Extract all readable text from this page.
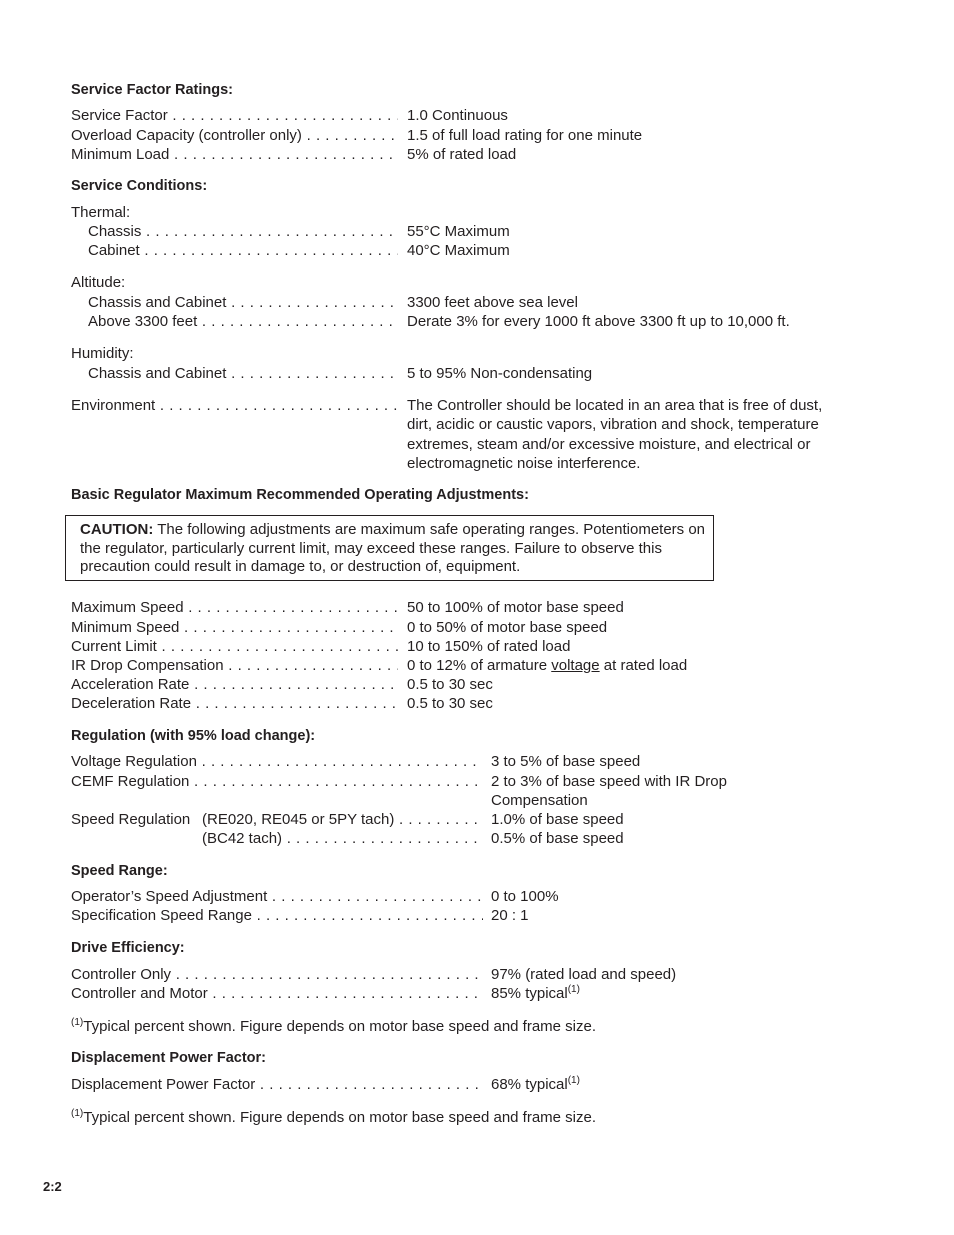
Service Factor Ratings:
Service Factor . . .	1.0 Continuous
Overload Capacity (controller only) . . .	1.5 of full load rating for one minute
Minimum Load . . .	5% of rated load
Service Conditions:
Thermal:
Chassis . . .	55°C Maximum
Cabinet . . .	40°C Maximum
Altitude:
Chassis and Cabinet . . .	3300 feet above sea level
Above 3300 feet . . .	Derate 3% for every 1000 ft above 3300 ft up to 10,000 ft.
Humidity:
Chassis and Cabinet . . .	5 to 95% Non-condensating
Environment . . .	The Controller should be located in an area that is free of dust, dirt, acidic or caustic vapors, vibration and shock, temperature extremes, steam and/or excessive moisture, and electrical or electromagnetic noise interference.
Basic Regulator Maximum Recommended Operating Adjustments:
CAUTION: The following adjustments are maximum safe operating ranges. Potentiometers on the regulator, particularly current limit, may exceed these ranges. Failure to observe this precaution could result in damage to, or destruction of, equipment.
Maximum Speed . . .	50 to 100% of motor base speed
Minimum Speed . . .	0 to 50% of motor base speed
Current Limit . . .	10 to 150% of rated load
IR Drop Compensation . . .	0 to 12% of armature voltage at rated load
Acceleration Rate . . .	0.5 to 30 sec
Deceleration Rate . . .	0.5 to 30 sec
Regulation (with 95% load change):
Voltage Regulation . . .	3 to 5% of base speed
CEMF Regulation . . .	2 to 3% of base speed with IR Drop
Compensation
Speed Regulation (RE020, RE045 or 5PY tach) . . .	1.0% of base speed
(BC42 tach) . . .	0.5% of base speed
Speed Range:
Operator’s Speed Adjustment . . .	0 to 100%
Specification Speed Range . . .	20 : 1
Drive Efficiency:
Controller Only . . .	97% (rated load and speed)
Controller and Motor . . .	85% typical$^{(1)}$
$^{(1)}$Typical percent shown. Figure depends on motor base speed and frame size.
Displacement Power Factor:
Displacement Power Factor . . .	68% typical$^{(1)}$
$^{(1)}$Typical percent shown. Figure depends on motor base speed and frame size.
2:2
